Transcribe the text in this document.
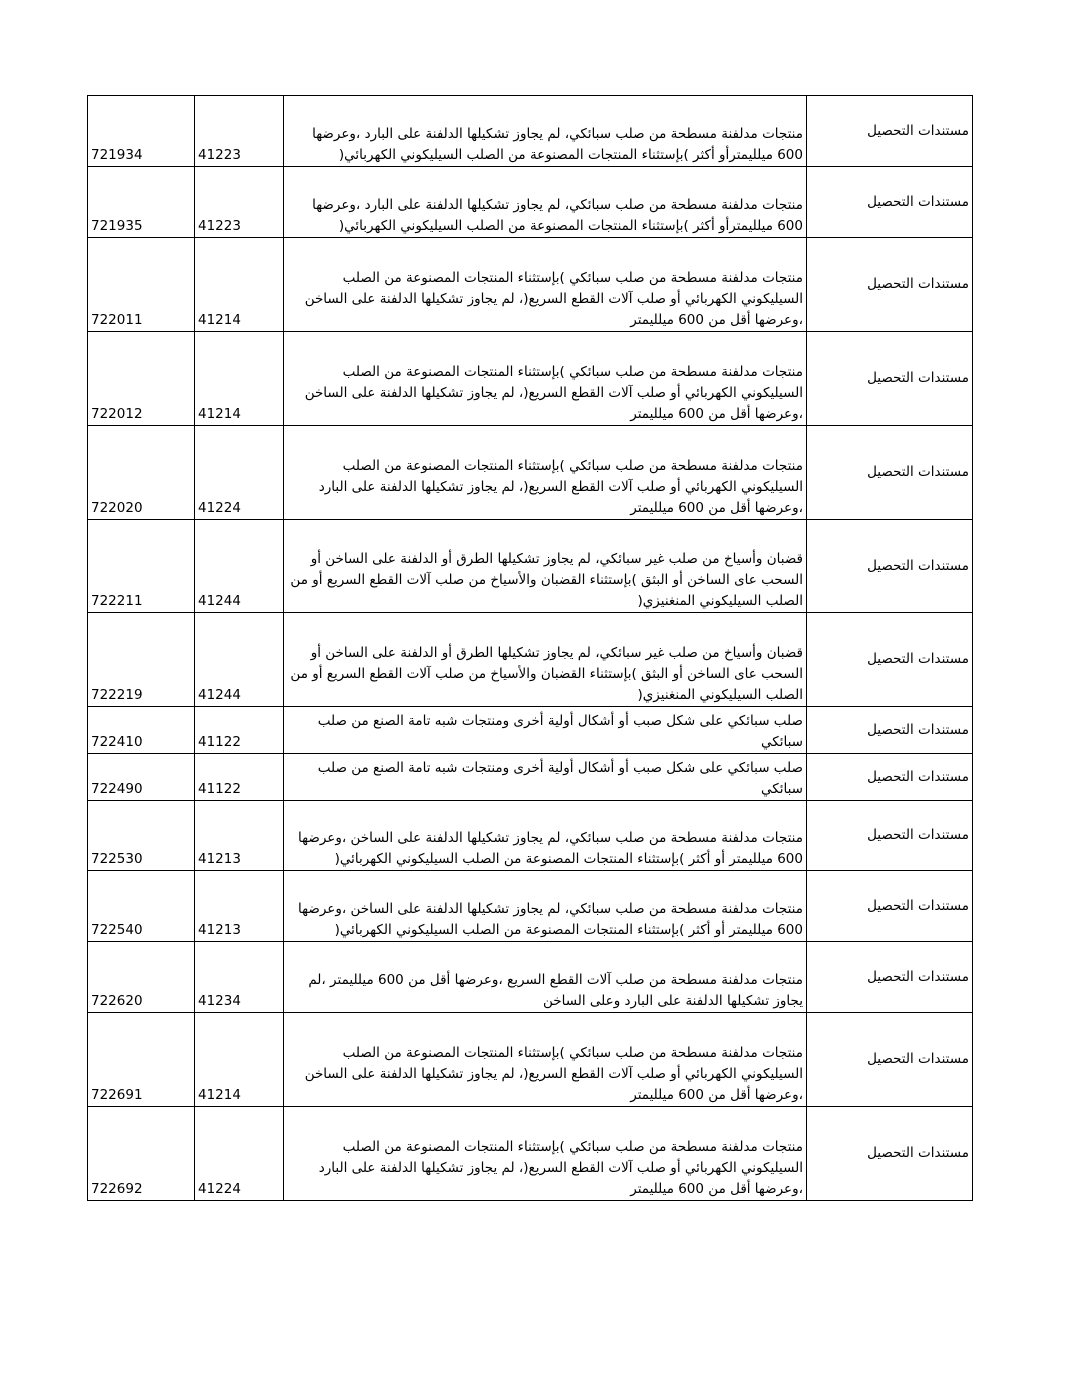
721934	41223	منتجات مدلفنة مسطحة من صلب سبائكي، لم يجاوز تشكيلها الدلفنة على البارد ،وعرضها 600 ميلليمترأو أكثر )بإستثناء المنتجات المصنوعة من الصلب السيليكوني الكهربائي(	مستندات التحصيل
721935	41223	منتجات مدلفنة مسطحة من صلب سبائكي، لم يجاوز تشكيلها الدلفنة على البارد ،وعرضها 600 ميلليمترأو أكثر )بإستثناء المنتجات المصنوعة من الصلب السيليكوني الكهربائي(	مستندات التحصيل
722011	41214	منتجات مدلفنة مسطحة من صلب سبائكي )بإستثناء المنتجات المصنوعة من الصلب السيليكوني الكهربائي أو صلب آلات القطع السريع(، لم يجاوز تشكيلها الدلفنة على الساخن ،وعرضها أقل من 600 ميلليمتر	مستندات التحصيل
722012	41214	منتجات مدلفنة مسطحة من صلب سبائكي )بإستثناء المنتجات المصنوعة من الصلب السيليكوني الكهربائي أو صلب آلات القطع السريع(، لم يجاوز تشكيلها الدلفنة على الساخن ،وعرضها أقل من 600 ميلليمتر	مستندات التحصيل
722020	41224	منتجات مدلفنة مسطحة من صلب سبائكي )بإستثناء المنتجات المصنوعة من الصلب السيليكوني الكهربائي أو صلب آلات القطع السريع(، لم يجاوز تشكيلها الدلفنة على البارد ،وعرضها أقل من 600 ميلليمتر	مستندات التحصيل
722211	41244	قضبان وأسياخ من صلب غير سبائكي، لم يجاوز تشكيلها الطرق أو الدلفنة على الساخن أو السحب عاى الساخن أو البثق )بإستثناء القضبان والأسياخ من صلب آلات القطع السريع أو من الصلب السيليكوني المنغنيزي(	مستندات التحصيل
722219	41244	قضبان وأسياخ من صلب غير سبائكي، لم يجاوز تشكيلها الطرق أو الدلفنة على الساخن أو السحب عاى الساخن أو البثق )بإستثناء القضبان والأسياخ من صلب آلات القطع السريع أو من الصلب السيليكوني المنغنيزي(	مستندات التحصيل
722410	41122	صلب سبائكي على شكل صبب أو أشكال أولية أخرى ومنتجات شبه تامة الصنع من صلب سبائكي	مستندات التحصيل
722490	41122	صلب سبائكي على شكل صبب أو أشكال أولية أخرى ومنتجات شبه تامة الصنع من صلب سبائكي	مستندات التحصيل
722530	41213	منتجات مدلفنة مسطحة من صلب سبائكي، لم يجاوز تشكيلها الدلفنة على الساخن ،وعرضها 600 ميلليمتر أو أكثر )بإستثناء المنتجات المصنوعة من الصلب السيليكوني الكهربائي(	مستندات التحصيل
722540	41213	منتجات مدلفنة مسطحة من صلب سبائكي، لم يجاوز تشكيلها الدلفنة على الساخن ،وعرضها 600 ميلليمتر أو أكثر )بإستثناء المنتجات المصنوعة من الصلب السيليكوني الكهربائي(	مستندات التحصيل
722620	41234	منتجات مدلفنة مسطحة من صلب آلات القطع السريع ،وعرضها أقل من 600 ميلليمتر ،لم يجاوز تشكيلها الدلفنة على البارد وعلى الساخن	مستندات التحصيل
722691	41214	منتجات مدلفنة مسطحة من صلب سبائكي )بإستثناء المنتجات المصنوعة من الصلب السيليكوني الكهربائي أو صلب آلات القطع السريع(، لم يجاوز تشكيلها الدلفنة على الساخن ،وعرضها أقل من 600 ميلليمتر	مستندات التحصيل
722692	41224	منتجات مدلفنة مسطحة من صلب سبائكي )بإستثناء المنتجات المصنوعة من الصلب السيليكوني الكهربائي أو صلب آلات القطع السريع(، لم يجاوز تشكيلها الدلفنة على البارد ،وعرضها أقل من 600 ميلليمتر	مستندات التحصيل
